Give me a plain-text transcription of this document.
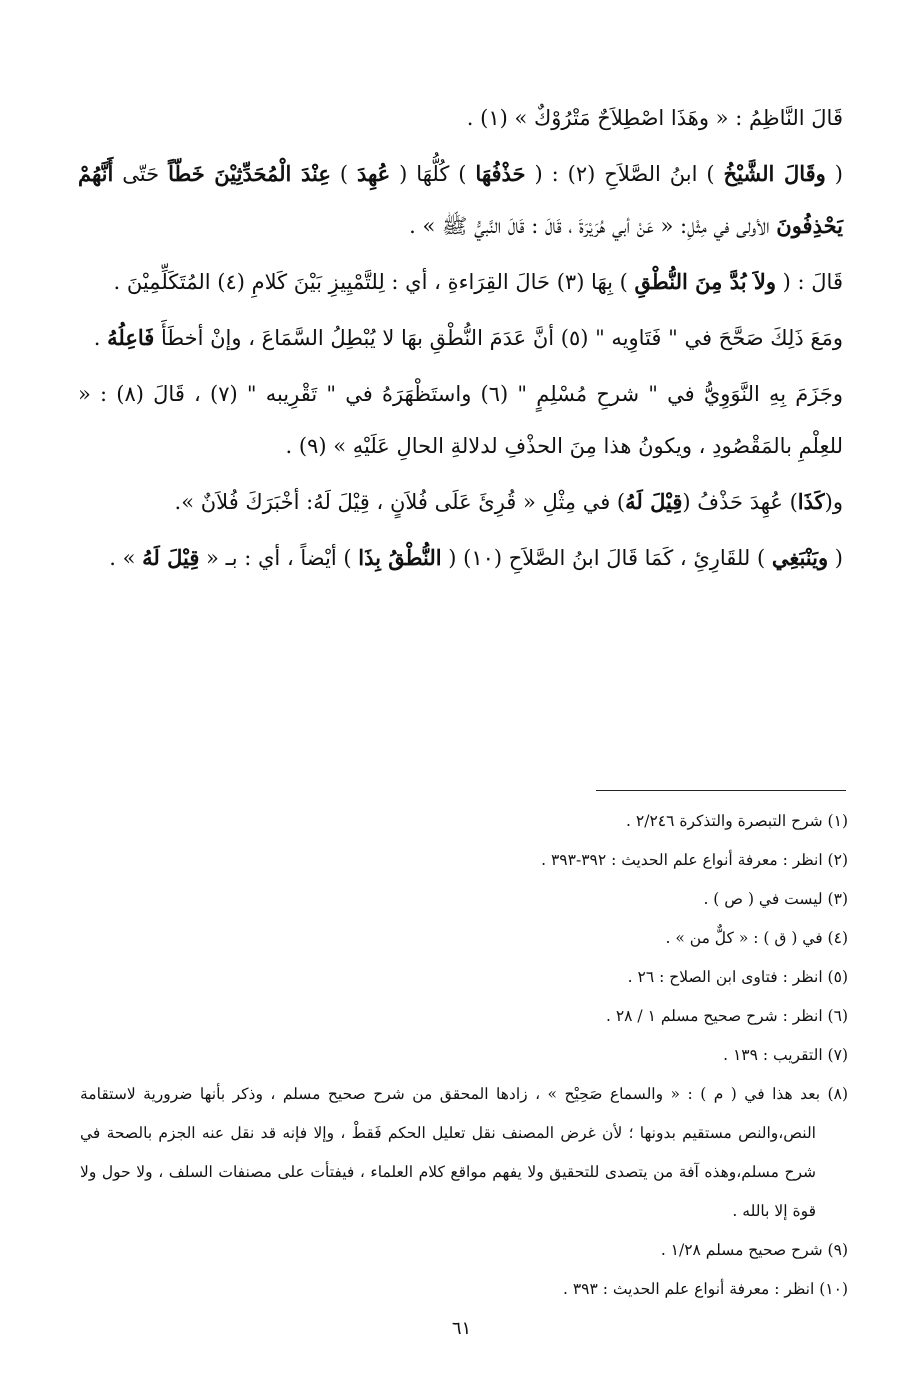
قَالَ النَّاظِمُ : « وهَذَا اصْطِلاَحٌ مَتْرُوْكٌ » (١) .

( وقَالَ الشَّيْخُ ) ابنُ الصَّلاَحِ (٢) : ( حَذْفُهَا ) كُلُّهَا ( عُهِدَ ) عِنْدَ الْمُحَدِّثِيْنَ خَطّاً حَتّى أَنَّهُمْ يَحْذِفُونَ الأولى في مِثْلِ: « عَنْ أبي هُرَيْرَةَ ، قَالَ : قَالَ النَّبيُّ ﷺ » .

قَالَ : ( ولاَ بُدَّ مِنَ النُّطْقِ ) بِهَا (٣) حَالَ القِرَاءةِ ، أي : لِلتَّمْيِيزِ بَيْنَ كَلامِ (٤) المُتَكَلِّمِيْنَ .

ومَعَ ذَلِكَ صَحَّحَ في " فَتَاوِيه " (٥) أنَّ عَدَمَ النُّطْقِ بهَا لا يُبْطِلُ السَّمَاعَ ، وإنْ أخطَأَ فَاعِلُهُ .

وجَزَمَ بِهِ النَّوَوِيُّ في " شرحِ مُسْلِمٍ " (٦) واستَظْهَرَهُ في " تَقْرِيبه " (٧) ، قَالَ (٨) : « للعِلْمِ بالمَقْصُودِ ، ويكونُ هذا مِنَ الحذْفِ لدلالةِ الحالِ عَلَيْهِ » (٩) .

و(كَذَا) عُهِدَ حَذْفُ (قِيْلَ لَهُ) في مِثْلِ « قُرِئَ عَلَى فُلاَنٍ ، قِيْلَ لَهُ: أخْبَرَكَ فُلاَنٌ ».

( ويَنْبَغِي ) للقَارِئِ ، كَمَا قَالَ ابنُ الصَّلاَحِ (١٠) ( النُّطْقُ بِذَا ) أيْضاً ، أي : بـ « قِيْلَ لَهُ » .

(١) شرح التبصرة والتذكرة ٢/٢٤٦ .

(٢) انظر : معرفة أنواع علم الحديث : ٣٩٢-٣٩٣ .

(٣) ليست في ( ص ) .

(٤) في ( ق ) : « كلٌّ من » .

(٥) انظر : فتاوى ابن الصلاح : ٢٦ .

(٦) انظر : شرح صحيح مسلم ١ / ٢٨ .

(٧) التقريب : ١٣٩ .

(٨) بعد هذا في ( م ) : « والسماع صَحِيْح » ، زادها المحقق من شرح صحيح مسلم ، وذكر بأنها ضرورية لاستقامة النص،والنص مستقيم بدونها ؛ لأن غرض المصنف نقل تعليل الحكم فَقطْ ، وإلا فإنه قد نقل عنه الجزم بالصحة في شرح مسلم،وهذه آفة من يتصدى للتحقيق ولا يفهم مواقع كلام العلماء ، فيفتأت على مصنفات السلف ، ولا حول ولا قوة إلا بالله .

(٩) شرح صحيح مسلم ١/٢٨ .

(١٠) انظر : معرفة أنواع علم الحديث : ٣٩٣ .

٦١
